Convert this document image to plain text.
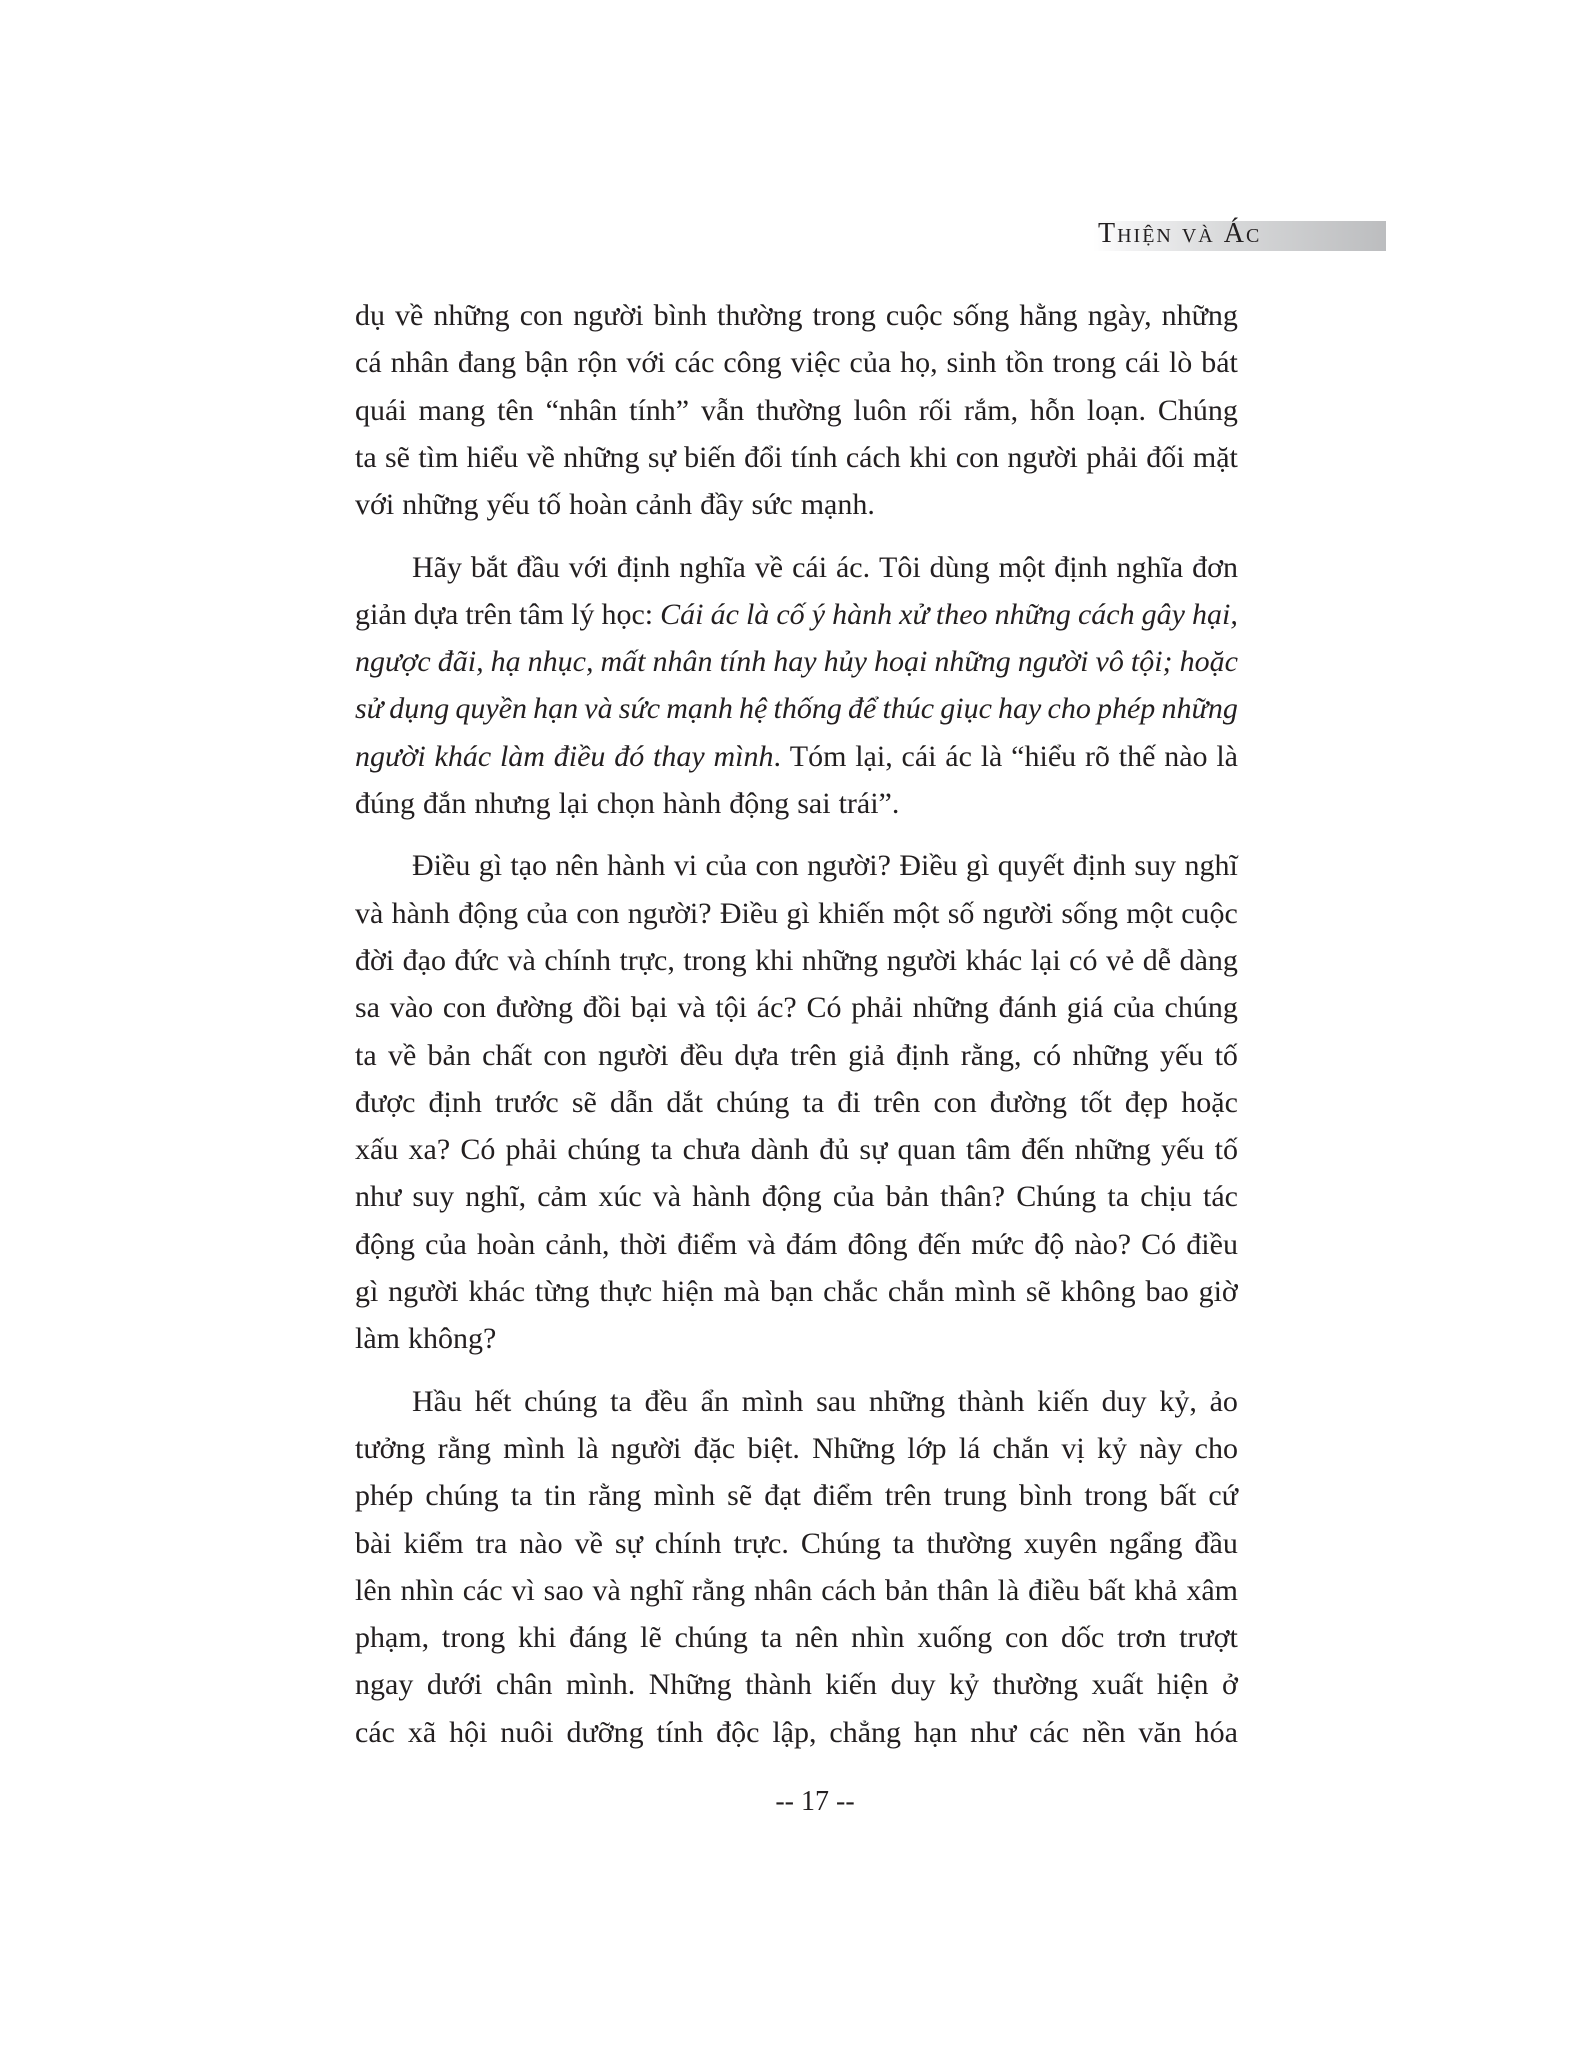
Thiện và Ác
dụ về những con người bình thường trong cuộc sống hằng ngày, những
cá nhân đang bận rộn với các công việc của họ, sinh tồn trong cái lò bát
quái mang tên “nhân tính” vẫn thường luôn rối rắm, hỗn loạn. Chúng
ta sẽ tìm hiểu về những sự biến đổi tính cách khi con người phải đối mặt
với những yếu tố hoàn cảnh đầy sức mạnh.
Hãy bắt đầu với định nghĩa về cái ác. Tôi dùng một định nghĩa đơn
giản dựa trên tâm lý học: Cái ác là cố ý hành xử theo những cách gây hại,
ngược đãi, hạ nhục, mất nhân tính hay hủy hoại những người vô tội; hoặc
sử dụng quyền hạn và sức mạnh hệ thống để thúc giục hay cho phép những
người khác làm điều đó thay mình. Tóm lại, cái ác là “hiểu rõ thế nào là
đúng đắn nhưng lại chọn hành động sai trái”.
Điều gì tạo nên hành vi của con người? Điều gì quyết định suy nghĩ
và hành động của con người? Điều gì khiến một số người sống một cuộc
đời đạo đức và chính trực, trong khi những người khác lại có vẻ dễ dàng
sa vào con đường đồi bại và tội ác? Có phải những đánh giá của chúng
ta về bản chất con người đều dựa trên giả định rằng, có những yếu tố
được định trước sẽ dẫn dắt chúng ta đi trên con đường tốt đẹp hoặc
xấu xa? Có phải chúng ta chưa dành đủ sự quan tâm đến những yếu tố
như suy nghĩ, cảm xúc và hành động của bản thân? Chúng ta chịu tác
động của hoàn cảnh, thời điểm và đám đông đến mức độ nào? Có điều
gì người khác từng thực hiện mà bạn chắc chắn mình sẽ không bao giờ
làm không?
Hầu hết chúng ta đều ẩn mình sau những thành kiến duy kỷ, ảo
tưởng rằng mình là người đặc biệt. Những lớp lá chắn vị kỷ này cho
phép chúng ta tin rằng mình sẽ đạt điểm trên trung bình trong bất cứ
bài kiểm tra nào về sự chính trực. Chúng ta thường xuyên ngẩng đầu
lên nhìn các vì sao và nghĩ rằng nhân cách bản thân là điều bất khả xâm
phạm, trong khi đáng lẽ chúng ta nên nhìn xuống con dốc trơn trượt
ngay dưới chân mình. Những thành kiến duy kỷ thường xuất hiện ở
các xã hội nuôi dưỡng tính độc lập, chẳng hạn như các nền văn hóa
-- 17 --
